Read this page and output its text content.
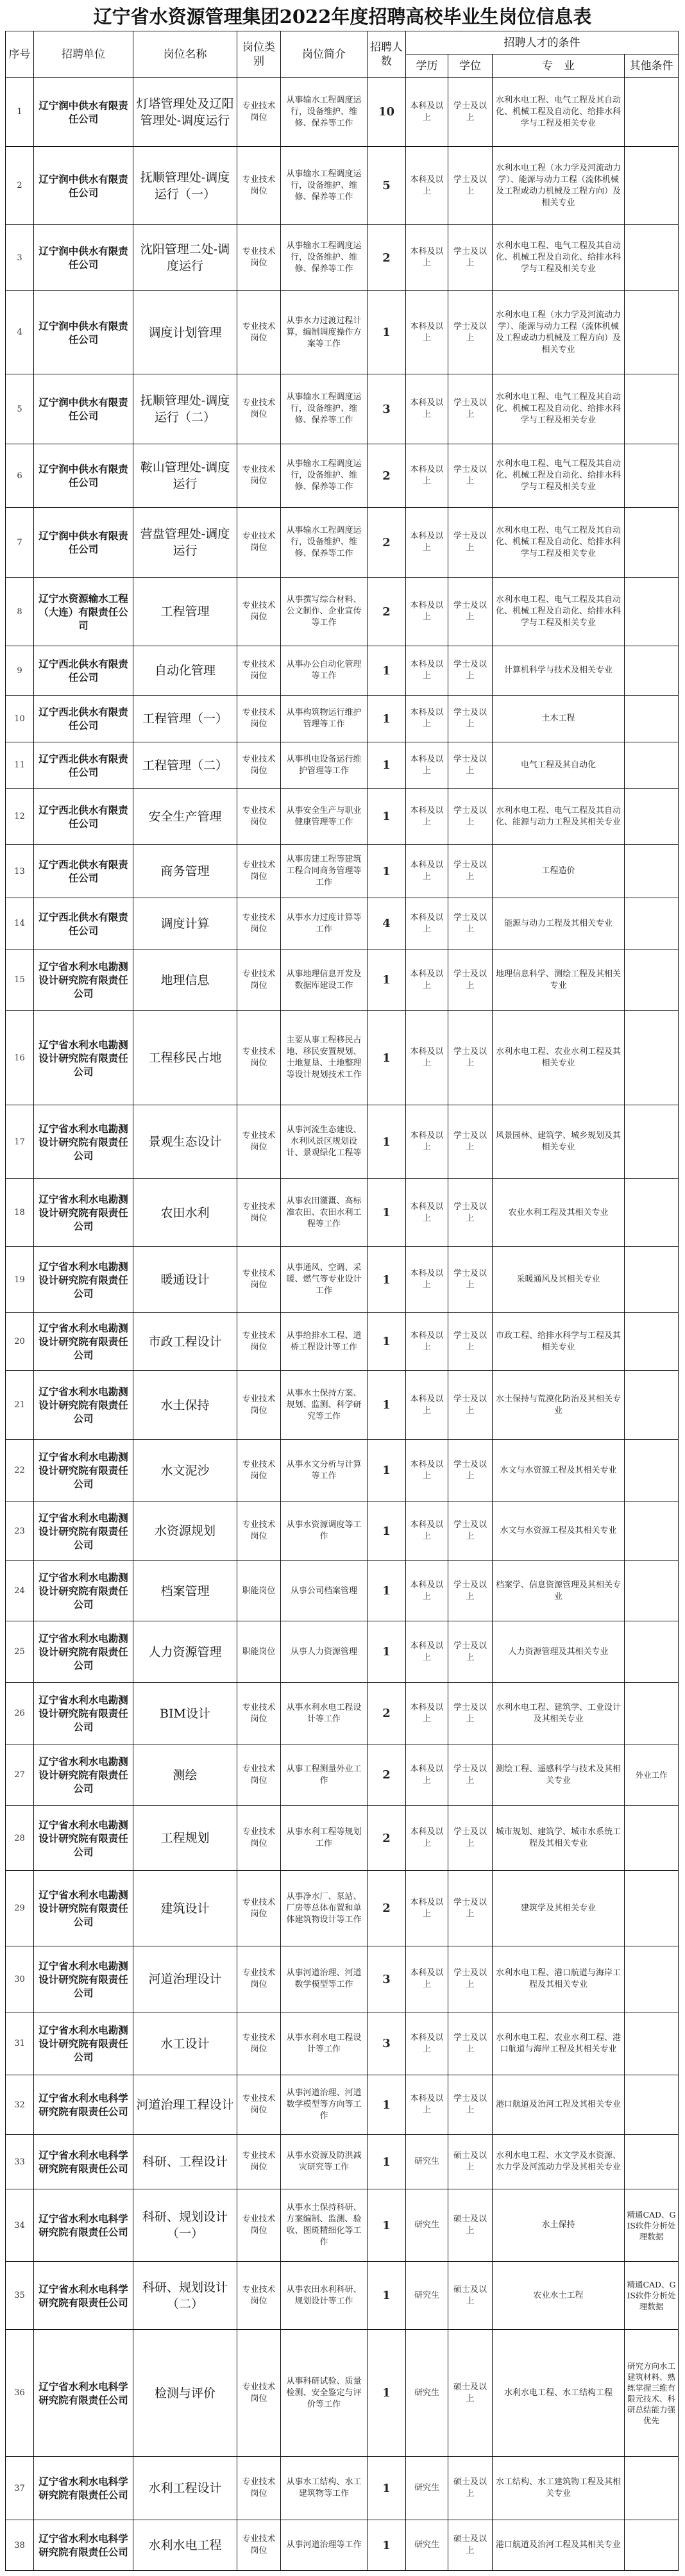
辽宁省水资源管理集团2022年度招聘高校毕业生岗位信息表
序号	招聘单位	岗位名称	岗位类别	岗位简介	招聘人数	招聘人才的条件			
						学历	学位	专　业	其他条件
1	辽宁润中供水有限责任公司	灯塔管理处及辽阳管理处-调度运行	专业技术岗位	从事输水工程调度运行，设备维护、维修、保养等工作	10	本科及以上	学士及以上	水利水电工程、电气工程及其自动化、机械工程及自动化、给排水科学与工程及相关专业	
2	辽宁润中供水有限责任公司	抚顺管理处-调度运行（一）	专业技术岗位	从事输水工程调度运行，设备维护、维修、保养等工作	5	本科及以上	学士及以上	水利水电工程（水力学及河流动力学）、能源与动力工程（流体机械及工程或动力机械及工程方向）及相关专业	
3	辽宁润中供水有限责任公司	沈阳管理二处-调度运行	专业技术岗位	从事输水工程调度运行，设备维护、维修、保养等工作	2	本科及以上	学士及以上	水利水电工程、电气工程及其自动化、机械工程及自动化、给排水科学与工程及相关专业	
4	辽宁润中供水有限责任公司	调度计划管理	专业技术岗位	从事水力过渡过程计算，编制调度操作方案等工作	1	本科及以上	学士及以上	水利水电工程（水力学及河流动力学）、能源与动力工程（流体机械及工程或动力机械及工程方向）及相关专业	
5	辽宁润中供水有限责任公司	抚顺管理处-调度运行（二）	专业技术岗位	从事输水工程调度运行，设备维护、维修、保养等工作	3	本科及以上	学士及以上	水利水电工程、电气工程及其自动化、机械工程及自动化、给排水科学与工程及相关专业	
6	辽宁润中供水有限责任公司	鞍山管理处-调度运行	专业技术岗位	从事输水工程调度运行，设备维护、维修、保养等工作	2	本科及以上	学士及以上	水利水电工程、电气工程及其自动化、机械工程及自动化、给排水科学与工程及相关专业	
7	辽宁润中供水有限责任公司	营盘管理处-调度运行	专业技术岗位	从事输水工程调度运行，设备维护、维修、保养等工作	2	本科及以上	学士及以上	水利水电工程、电气工程及其自动化、机械工程及自动化、给排水科学与工程及相关专业	
8	辽宁水资源输水工程（大连）有限责任公司	工程管理	专业技术岗位	从事撰写综合材料、公文制作、企业宣传等工作	2	本科及以上	学士及以上	水利水电工程、电气工程及其自动化、机械工程及自动化、给排水科学与工程及相关专业	
9	辽宁西北供水有限责任公司	自动化管理	专业技术岗位	从事办公自动化管理等工作	1	本科及以上	学士及以上	计算机科学与技术及相关专业	
10	辽宁西北供水有限责任公司	工程管理（一）	专业技术岗位	从事构筑物运行维护管理等工作	1	本科及以上	学士及以上	土木工程	
11	辽宁西北供水有限责任公司	工程管理（二）	专业技术岗位	从事机电设备运行维护管理等工作	1	本科及以上	学士及以上	电气工程及其自动化	
12	辽宁西北供水有限责任公司	安全生产管理	专业技术岗位	从事安全生产与职业健康管理等工作	1	本科及以上	学士及以上	水利水电工程、电气工程及其自动化、能源与动力工程及其相关专业	
13	辽宁西北供水有限责任公司	商务管理	专业技术岗位	从事房建工程等建筑工程合同商务管理等工作	1	本科及以上	学士及以上	工程造价	
14	辽宁西北供水有限责任公司	调度计算	专业技术岗位	从事水力过度计算等工作	4	本科及以上	学士及以上	能源与动力工程及其相关专业	
15	辽宁省水利水电勘测设计研究院有限责任公司	地理信息	专业技术岗位	从事地理信息开发及数据库建设工作	1	本科及以上	学士及以上	地理信息科学、测绘工程及其相关专业	
16	辽宁省水利水电勘测设计研究院有限责任公司	工程移民占地	专业技术岗位	主要从事工程移民占地、移民安置规划、土地复垦、土地整理等设计规划技术工作	1	本科及以上	学士及以上	水利水电工程、农业水利工程及其相关专业	
17	辽宁省水利水电勘测设计研究院有限责任公司	景观生态设计	专业技术岗位	从事河流生态建设、水利风景区规划设计、景观绿化工程等	1	本科及以上	学士及以上	风景园林、建筑学、城乡规划及其相关专业	
18	辽宁省水利水电勘测设计研究院有限责任公司	农田水利	专业技术岗位	从事农田灌溉、高标准农田、农田水利工程等工作	1	本科及以上	学士及以上	农业水利工程及其相关专业	
19	辽宁省水利水电勘测设计研究院有限责任公司	暖通设计	专业技术岗位	从事通风、空调、采暖、燃气等专业设计工作	1	本科及以上	学士及以上	采暖通风及其相关专业	
20	辽宁省水利水电勘测设计研究院有限责任公司	市政工程设计	专业技术岗位	从事给排水工程、道桥工程设计等工作	1	本科及以上	学士及以上	市政工程、给排水科学与工程及其相关专业	
21	辽宁省水利水电勘测设计研究院有限责任公司	水土保持	专业技术岗位	从事水土保持方案、规划、监测、科学研究等工作	1	本科及以上	学士及以上	水土保持与荒漠化防治及其相关专业	
22	辽宁省水利水电勘测设计研究院有限责任公司	水文泥沙	专业技术岗位	从事水文分析与计算等工作	1	本科及以上	学士及以上	水文与水资源工程及其相关专业	
23	辽宁省水利水电勘测设计研究院有限责任公司	水资源规划	专业技术岗位	从事水资源调度等工作	1	本科及以上	学士及以上	水文与水资源工程及其相关专业	
24	辽宁省水利水电勘测设计研究院有限责任公司	档案管理	职能岗位	从事公司档案管理	1	本科及以上	学士及以上	档案学、信息资源管理及其相关专业	
25	辽宁省水利水电勘测设计研究院有限责任公司	人力资源管理	职能岗位	从事人力资源管理	1	本科及以上	学士及以上	人力资源管理及其相关专业	
26	辽宁省水利水电勘测设计研究院有限责任公司	BIM设计	专业技术岗位	从事水利水电工程设计等工作	2	本科及以上	学士及以上	水利水电工程、建筑学、工业设计及其相关专业	
27	辽宁省水利水电勘测设计研究院有限责任公司	测绘	专业技术岗位	从事工程测量外业工作	2	本科及以上	学士及以上	测绘工程、遥感科学与技术及其相关专业	外业工作
28	辽宁省水利水电勘测设计研究院有限责任公司	工程规划	专业技术岗位	从事水利工程等规划工作	2	本科及以上	学士及以上	城市规划、建筑学、城市水系统工程及其相关专业	
29	辽宁省水利水电勘测设计研究院有限责任公司	建筑设计	专业技术岗位	从事净水厂、泵站、厂房等总体布置和单体建筑物设计等工作	2	本科及以上	学士及以上	建筑学及其相关专业	
30	辽宁省水利水电勘测设计研究院有限责任公司	河道治理设计	专业技术岗位	从事河道治理、河道数学模型等工作	3	本科及以上	学士及以上	水利水电工程、港口航道与海岸工程及其相关专业	
31	辽宁省水利水电勘测设计研究院有限责任公司	水工设计	专业技术岗位	从事水利水电工程设计等工作	3	本科及以上	学士及以上	水利水电工程、农业水利工程、港口航道与海岸工程及其相关专业	
32	辽宁省水利水电科学研究院有限责任公司	河道治理工程设计	专业技术岗位	从事河道治理、河道数学模型等方向等工作	1	本科及以上	学士及以上	港口航道及治河工程及其相关专业	
33	辽宁省水利水电科学研究院有限责任公司	科研、工程设计	专业技术岗位	从事水资源及防洪减灾研究等工作	1	研究生	硕士及以上	水利水电工程、水文学及水资源、水力学及河流动力学及其相关专业	
34	辽宁省水利水电科学研究院有限责任公司	科研、规划设计（一）	专业技术岗位	从事水土保持科研、方案编制、监测、验收、图斑精细化等工作	1	研究生	硕士及以上	水土保持	精通CAD、GIS软件分析处理数据
35	辽宁省水利水电科学研究院有限责任公司	科研、规划设计（二）	专业技术岗位	从事农田水利科研、规划设计等工作	1	研究生	硕士及以上	农业水土工程	精通CAD、GIS软件分析处理数据
36	辽宁省水利水电科学研究院有限责任公司	检测与评价	专业技术岗位	从事科研试验、质量检测、安全鉴定与评价等工作	1	研究生	硕士及以上	水利水电工程、水工结构工程	研究方向水工建筑材料、熟练掌握三维有限元技术、科研总结能力强优先
37	辽宁省水利水电科学研究院有限责任公司	水利工程设计	专业技术岗位	从事水工结构、水工建筑物等工作	1	研究生	硕士及以上	水工结构、水工建筑物工程及其相关专业	
38	辽宁省水利水电科学研究院有限责任公司	水利水电工程	专业技术岗位	从事河道治理等工作	1	研究生	硕士及以上	港口航道及治河工程及其相关专业	
